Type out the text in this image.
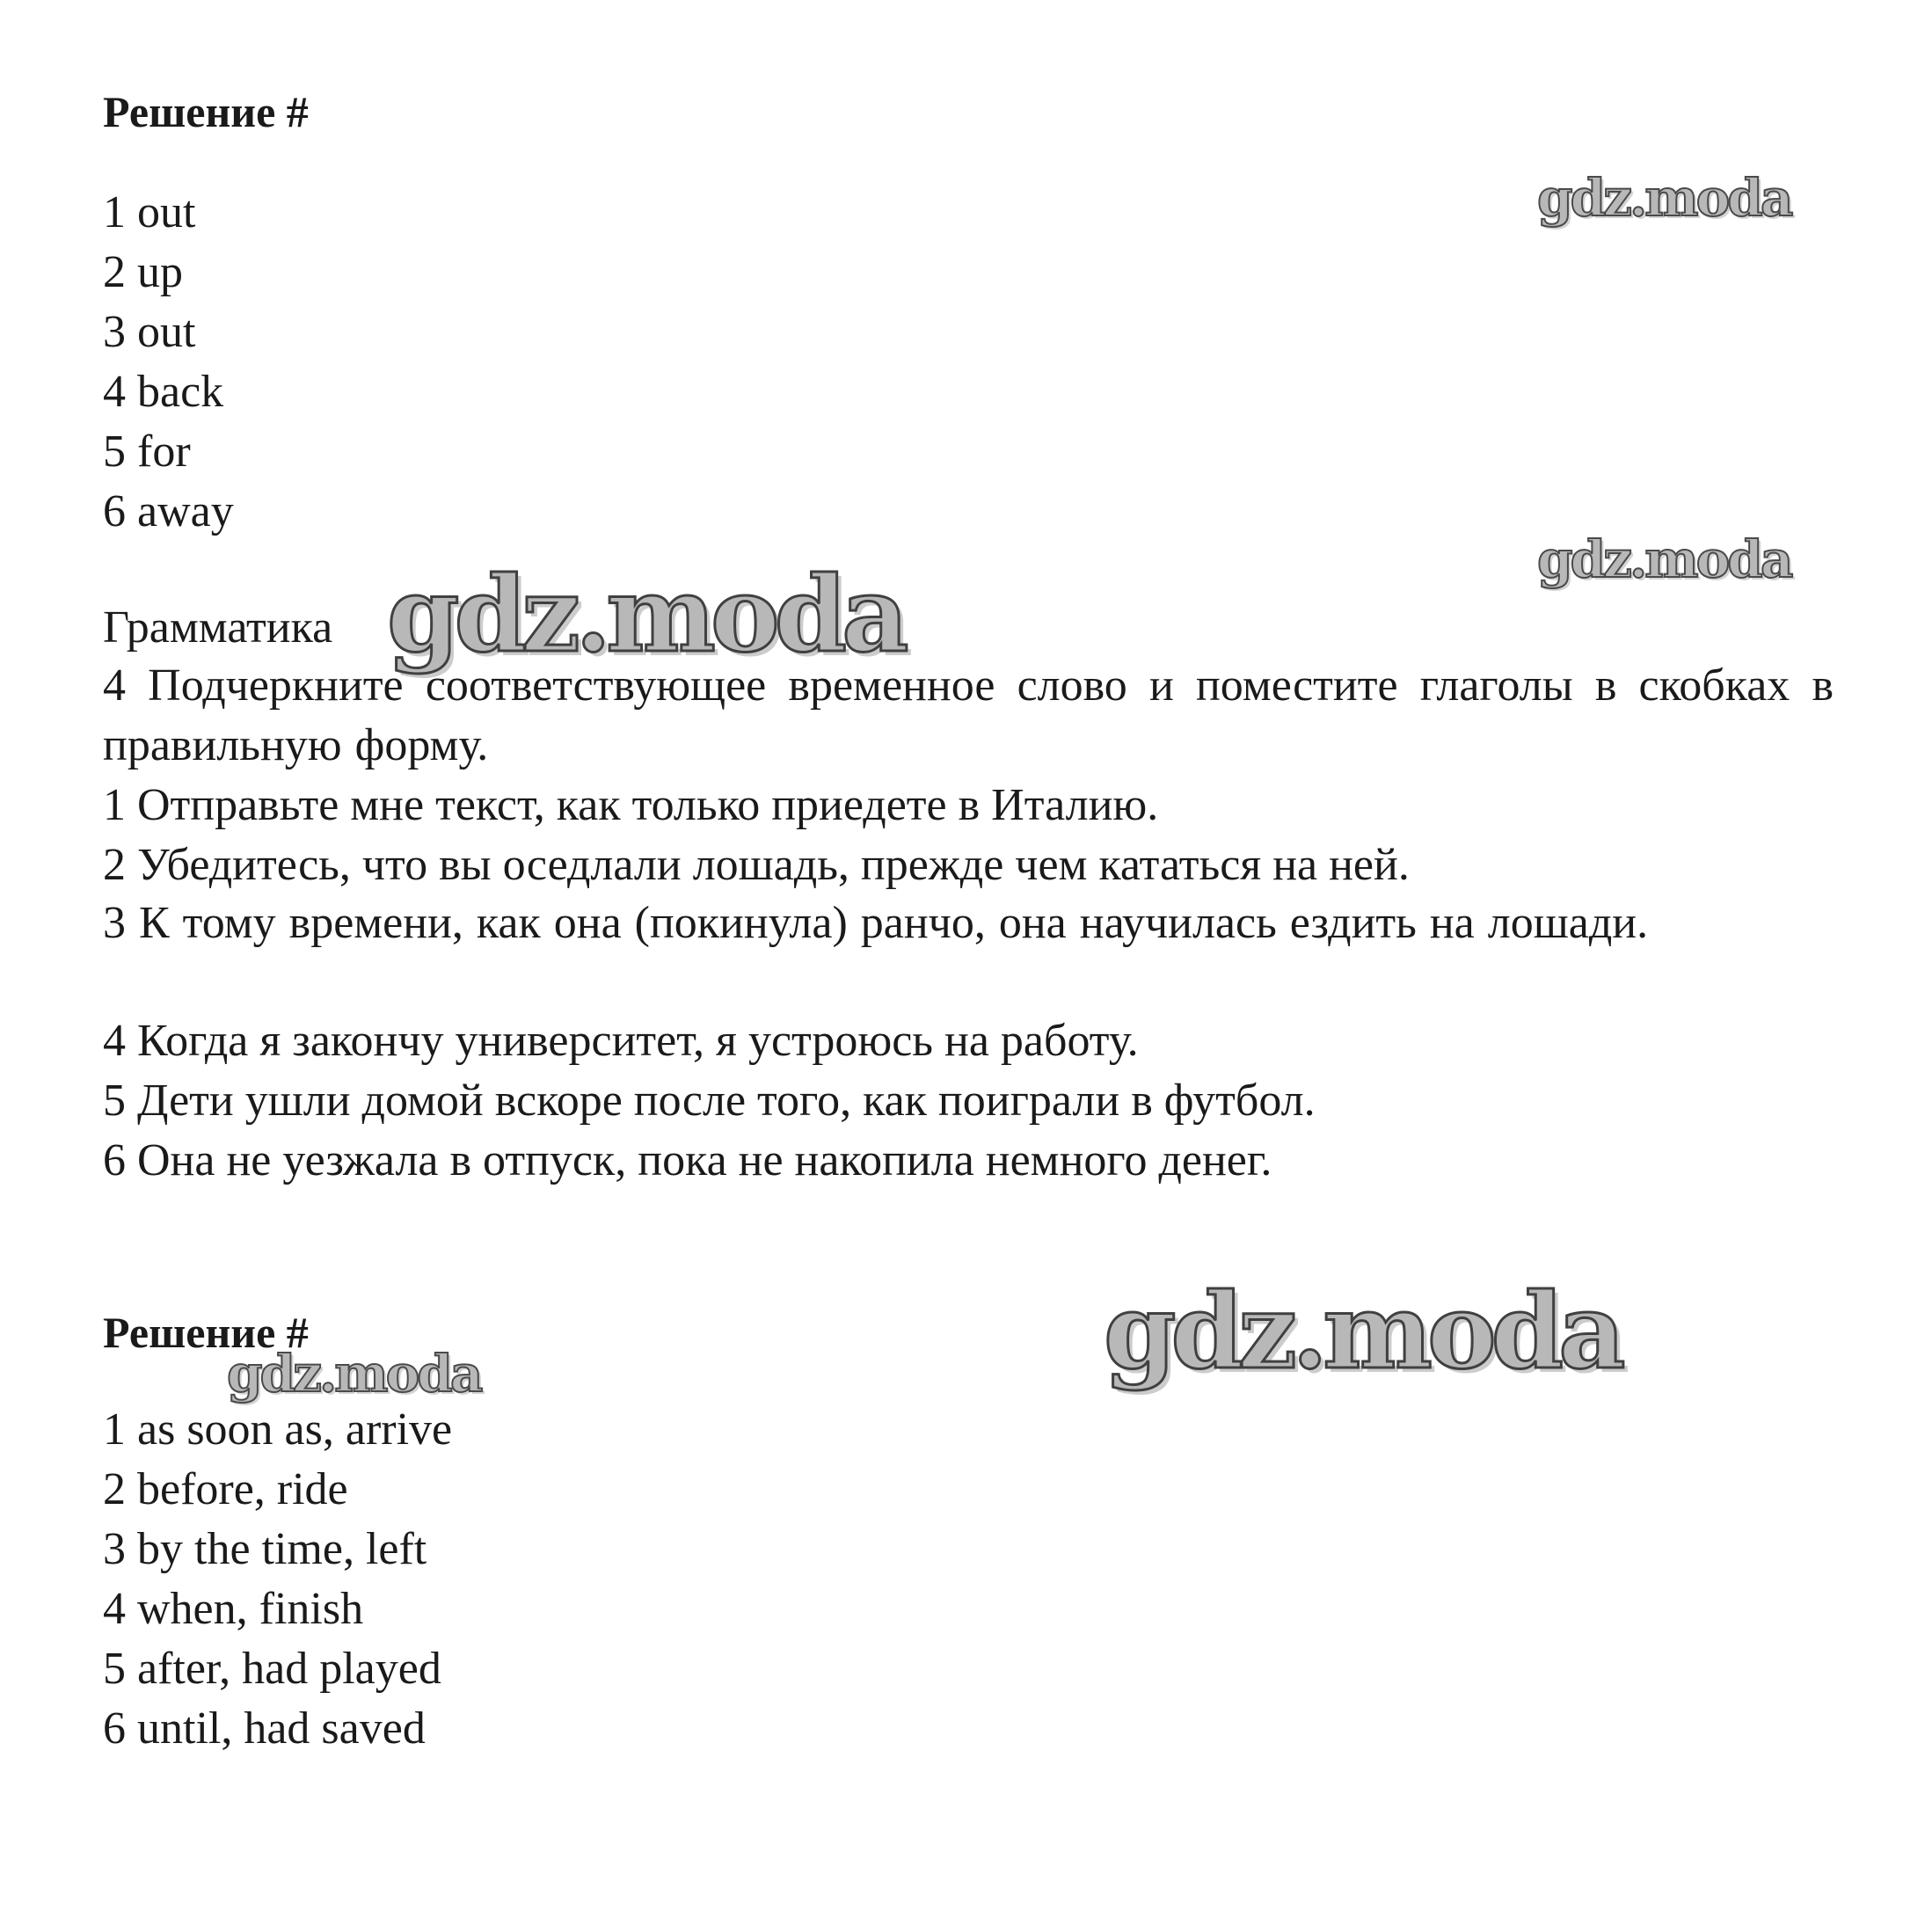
Решение #
1 out
2 up
3 out
4 back
5 for
6 away
Грамматика
4 Подчеркните соответствующее временное слово и поместите глаголы в скобках в правильную форму.
1 Отправьте мне текст, как только приедете в Италию.
2 Убедитесь, что вы оседлали лошадь, прежде чем кататься на ней.
3 К тому времени, как она (покинула) ранчо, она научилась ездить на лошади.
4 Когда я закончу университет, я устроюсь на работу.
5 Дети ушли домой вскоре после того, как поиграли в футбол.
6 Она не уезжала в отпуск, пока не накопила немного денег.
Решение #
1 as soon as, arrive
2 before, ride
3 by the time, left
4 when, finish
5 after, had played
6 until, had saved
gdz.moda
gdz.moda
gdz.moda
gdz.moda	gdz.moda
